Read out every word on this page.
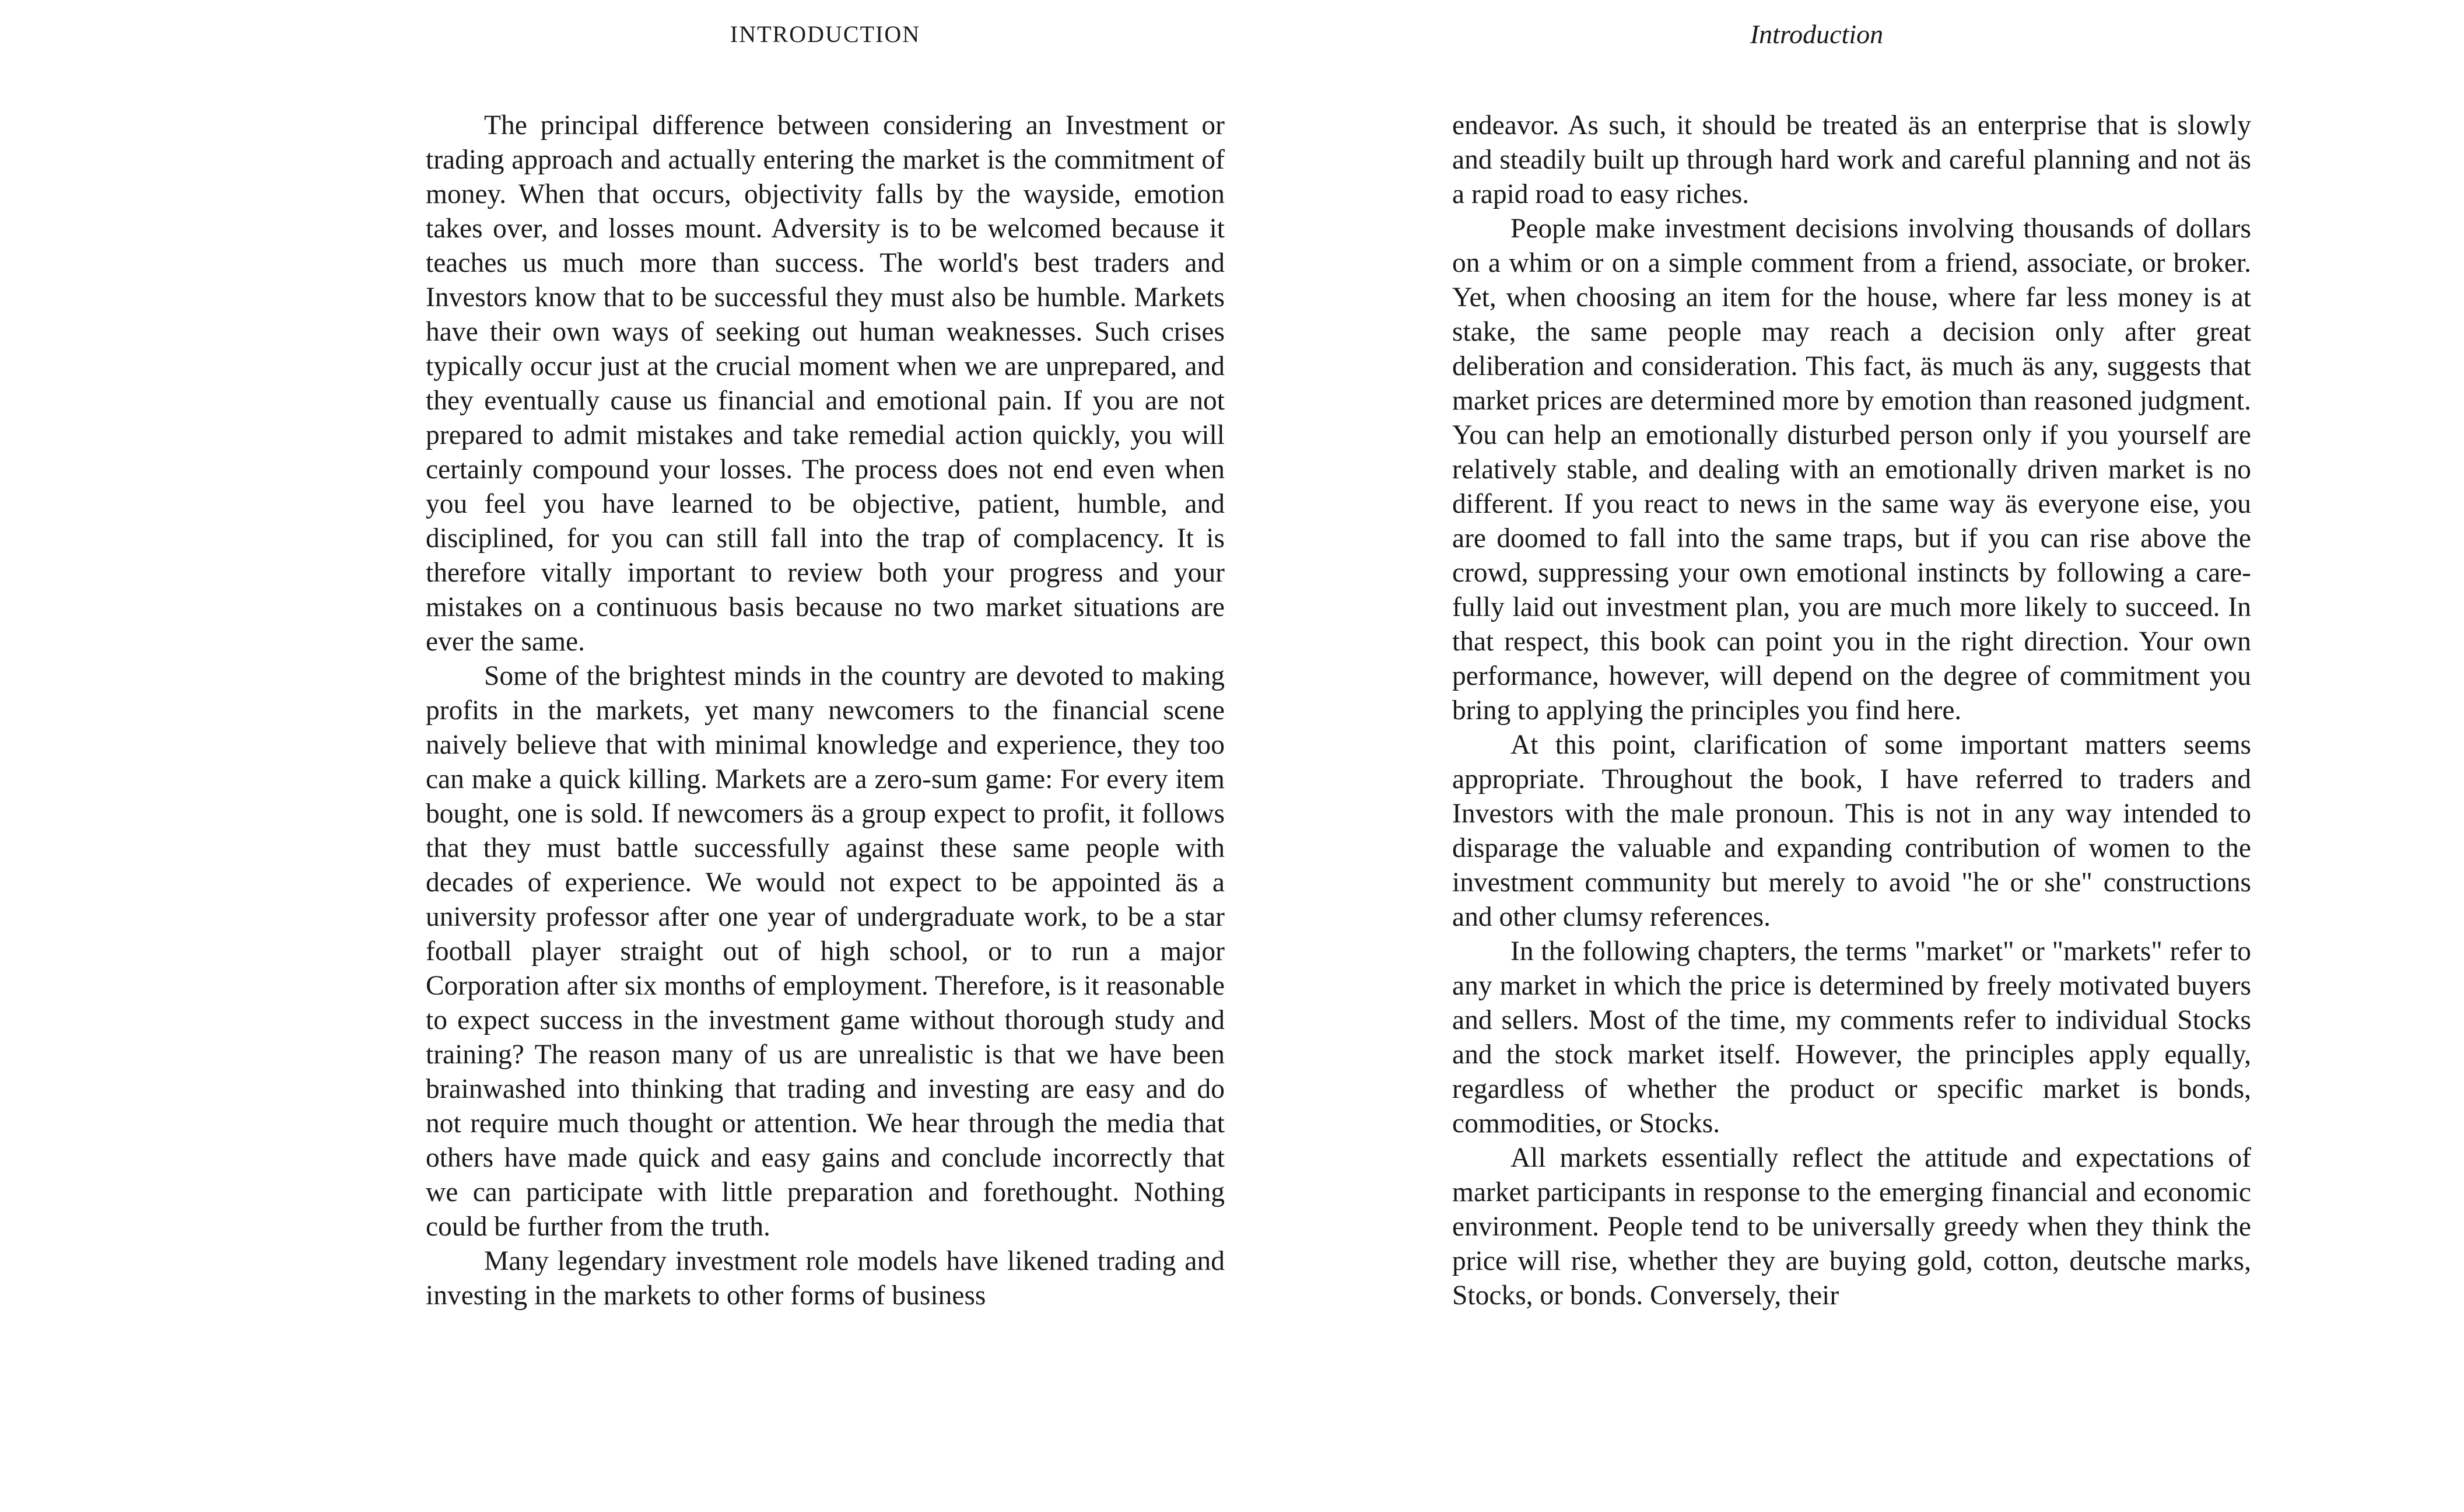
INTRODUCTION

The principal difference between considering an Investment or trading approach and actually entering the market is the commitment of money. When that occurs, objectivity falls by the wayside, emotion takes over, and losses mount. Adversity is to be welcomed because it teaches us much more than success. The world's best traders and Investors know that to be successful they must also be humble. Markets have their own ways of seeking out human weaknesses. Such crises typically occur just at the crucial moment when we are unprepared, and they eventually cause us financial and emotional pain. If you are not prepared to admit mistakes and take remedial action quickly, you will certainly compound your losses. The process does not end even when you feel you have learned to be objective, patient, humble, and disciplined, for you can still fall into the trap of complacency. It is therefore vitally important to review both your progress and your mistakes on a continuous basis because no two market situations are ever the same.

Some of the brightest minds in the country are devoted to making profits in the markets, yet many newcomers to the financial scene naively believe that with minimal knowledge and experience, they too can make a quick killing. Markets are a zero-sum game: For every item bought, one is sold. If newcomers äs a group expect to profit, it follows that they must battle successfully against these same people with decades of experience. We would not expect to be appointed äs a university professor after one year of undergraduate work, to be a star football player straight out of high school, or to run a major Corporation after six months of employment. Therefore, is it reasonable to expect success in the investment game without thorough study and training? The reason many of us are unrealistic is that we have been brainwashed into thinking that trading and investing are easy and do not require much thought or attention. We hear through the media that others have made quick and easy gains and conclude incorrectly that we can participate with little preparation and forethought. Nothing could be further from the truth.

Many legendary investment role models have likened trading and investing in the markets to other forms of business

Introduction

endeavor. As such, it should be treated äs an enterprise that is slowly and steadily built up through hard work and careful planning and not äs a rapid road to easy riches.

People make investment decisions involving thousands of dollars on a whim or on a simple comment from a friend, associate, or broker. Yet, when choosing an item for the house, where far less money is at stake, the same people may reach a decision only after great deliberation and consideration. This fact, äs much äs any, suggests that market prices are determined more by emotion than reasoned judgment. You can help an emotionally disturbed person only if you yourself are relatively stable, and dealing with an emotionally driven market is no different. If you react to news in the same way äs everyone eise, you are doomed to fall into the same traps, but if you can rise above the crowd, suppressing your own emotional instincts by following a carefully laid out investment plan, you are much more likely to succeed. In that respect, this book can point you in the right direction. Your own performance, however, will depend on the degree of commitment you bring to applying the principles you find here.

At this point, clarification of some important matters seems appropriate. Throughout the book, I have referred to traders and Investors with the male pronoun. This is not in any way intended to disparage the valuable and expanding contribution of women to the investment community but merely to avoid "he or she" constructions and other clumsy references.

In the following chapters, the terms "market" or "markets" refer to any market in which the price is determined by freely motivated buyers and sellers. Most of the time, my comments refer to individual Stocks and the stock market itself. However, the principles apply equally, regardless of whether the product or specific market is bonds, commodities, or Stocks.

All markets essentially reflect the attitude and expectations of market participants in response to the emerging financial and economic environment. People tend to be universally greedy when they think the price will rise, whether they are buying gold, cotton, deutsche marks, Stocks, or bonds. Conversely, their
